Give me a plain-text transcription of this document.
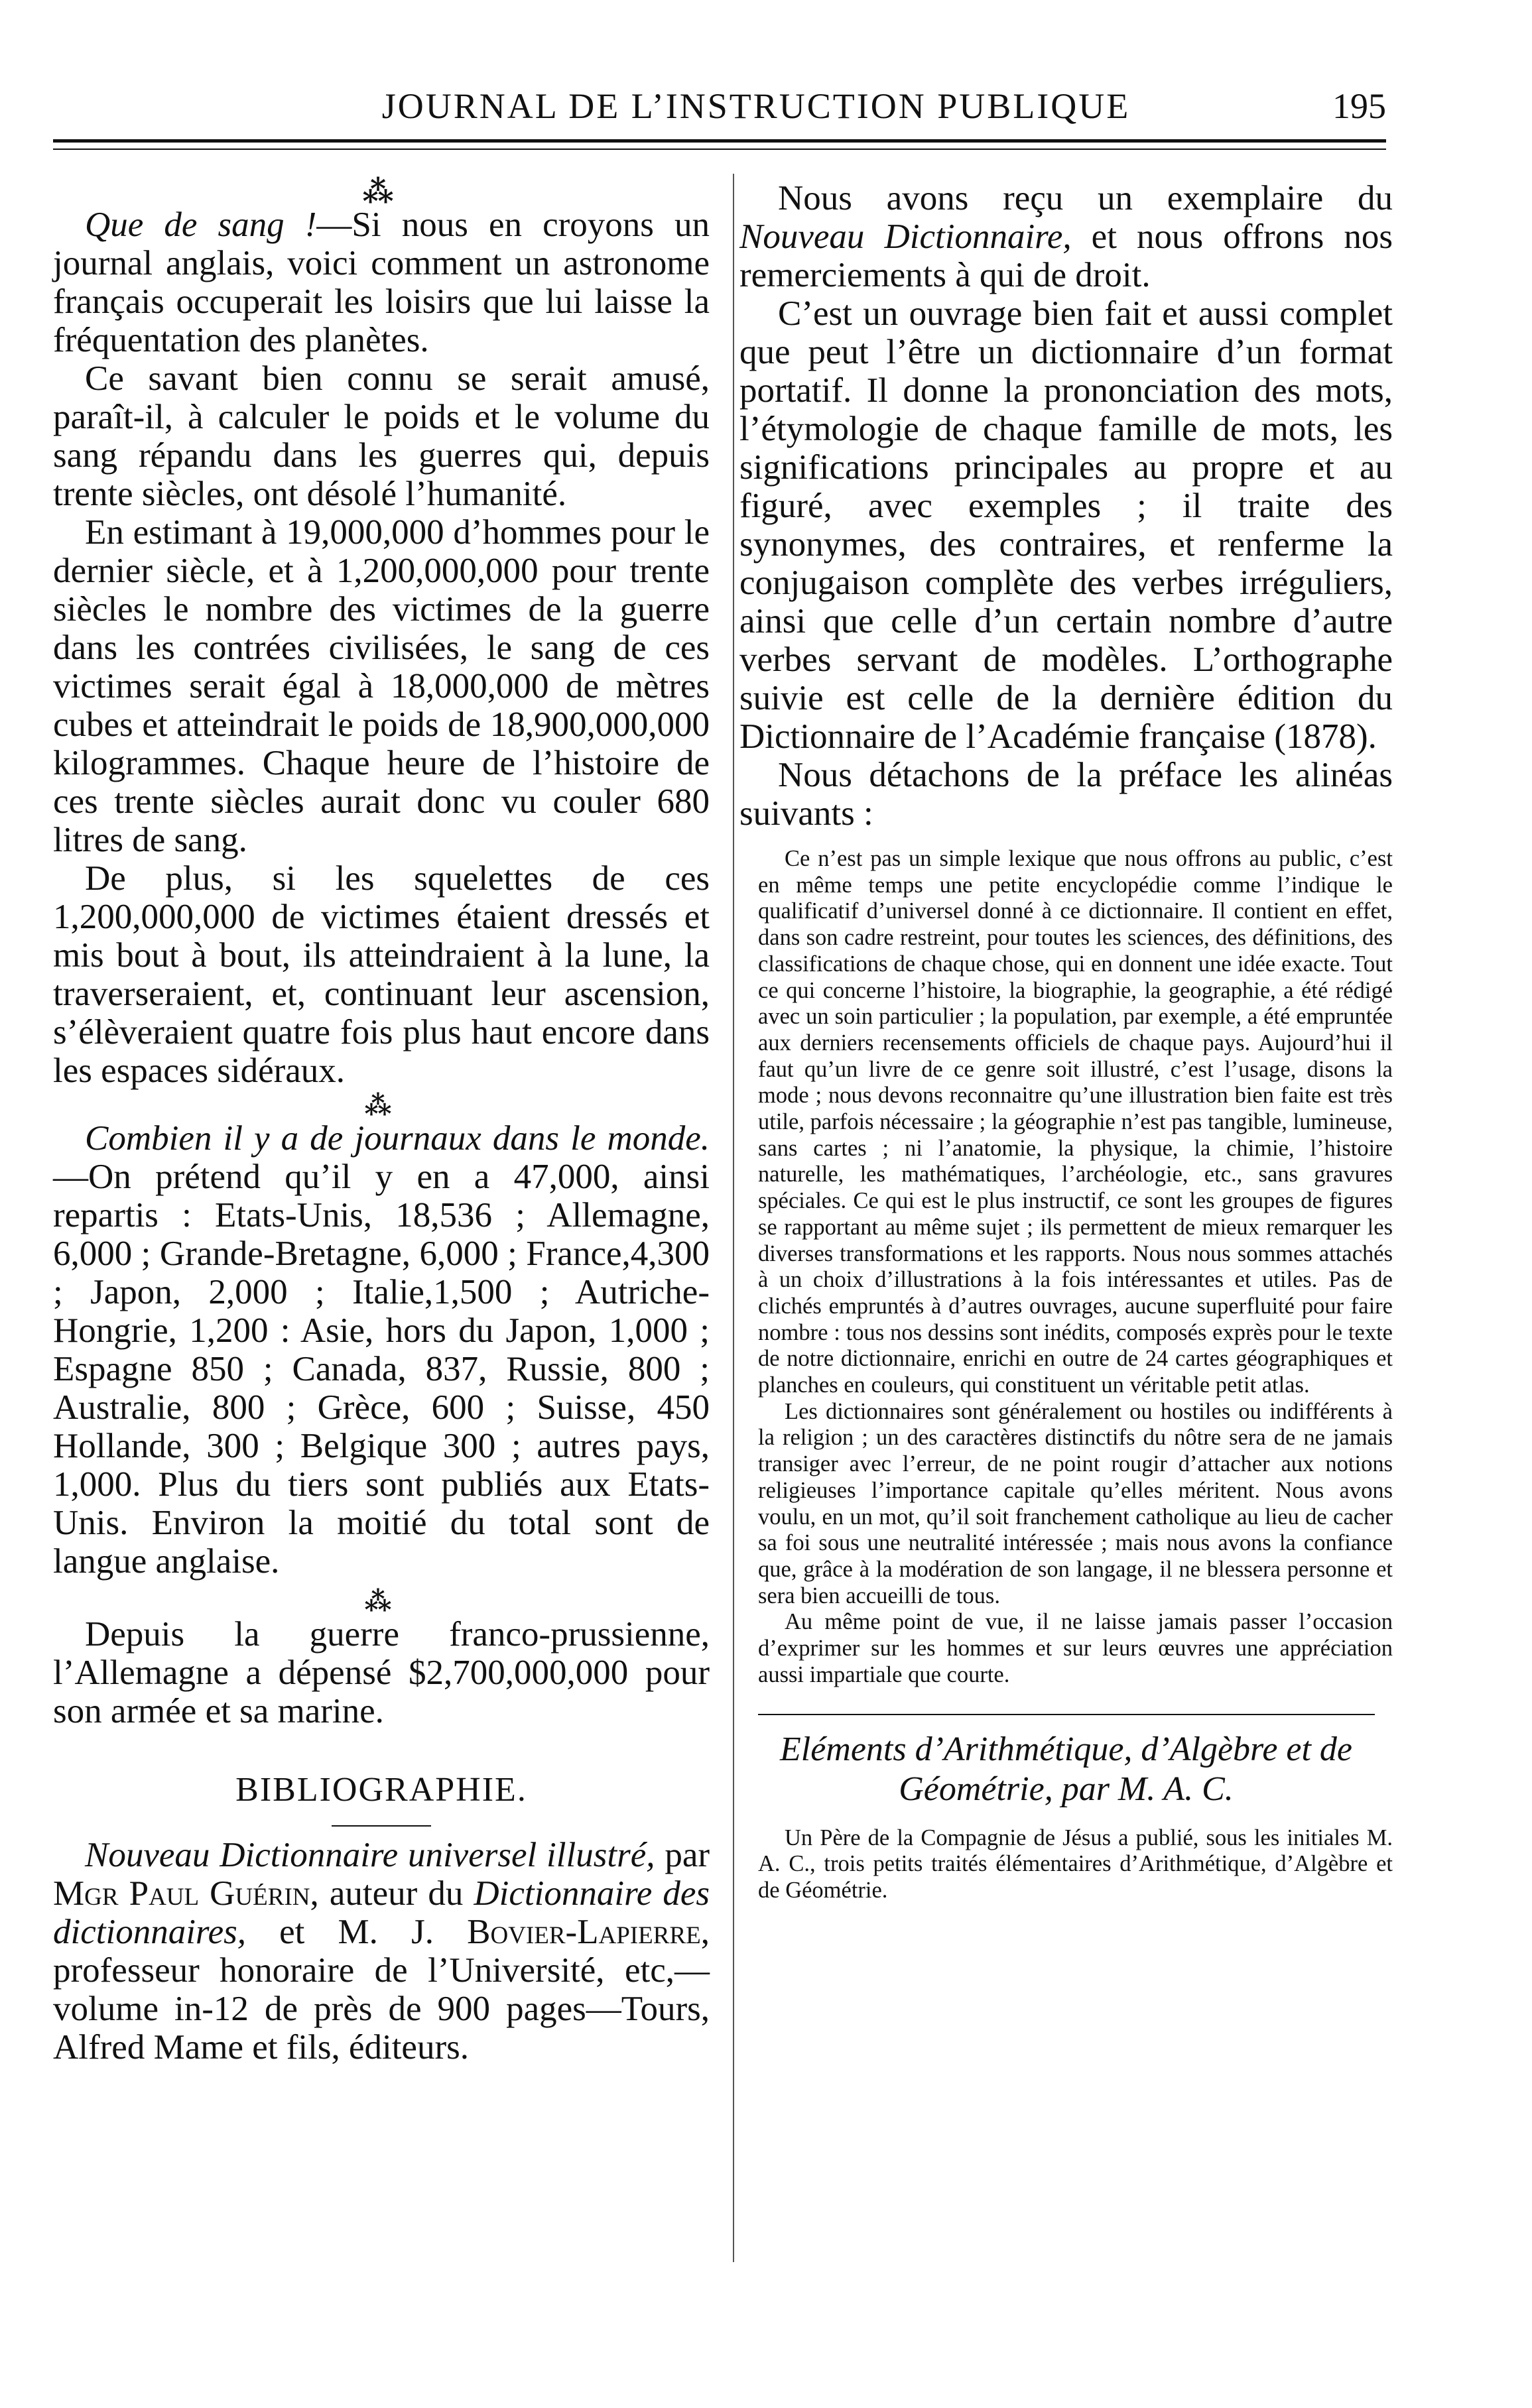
JOURNAL DE L’INSTRUCTION PUBLIQUE	195
⁂

Que de sang !—Si nous en croyons un journal anglais, voici comment un astronome français occuperait les loisirs que lui laisse la fréquentation des planètes.

Ce savant bien connu se serait amusé, paraît-il, à calculer le poids et le volume du sang répandu dans les guerres qui, depuis trente siècles, ont désolé l’humanité.

En estimant à 19,000,000 d’hommes pour le dernier siècle, et à 1,200,000,000 pour trente siècles le nombre des victimes de la guerre dans les contrées civilisées, le sang de ces victimes serait égal à 18,000,000 de mètres cubes et atteindrait le poids de 18,900,000,000 kilogrammes. Chaque heure de l’histoire de ces trente siècles aurait donc vu couler 680 litres de sang.

De plus, si les squelettes de ces 1,200,000,000 de victimes étaient dressés et mis bout à bout, ils atteindraient à la lune, la traverseraient, et, continuant leur ascension, s’élèveraient quatre fois plus haut encore dans les espaces sidéraux.

⁂

Combien il y a de journaux dans le monde.—On prétend qu’il y en a 47,000, ainsi repartis : Etats-Unis, 18,536 ; Allemagne, 6,000 ; Grande-Bretagne, 6,000 ; France,4,300 ; Japon, 2,000 ; Italie,1,500 ; Autriche-Hongrie, 1,200 : Asie, hors du Japon, 1,000 ; Espagne 850 ; Canada, 837, Russie, 800 ; Australie, 800 ; Grèce, 600 ; Suisse, 450 Hollande, 300 ; Belgique 300 ; autres pays, 1,000. Plus du tiers sont publiés aux Etats-Unis. Environ la moitié du total sont de langue anglaise.

⁂

Depuis la guerre franco-prussienne, l’Allemagne a dépensé $2,700,000,000 pour son armée et sa marine.

BIBLIOGRAPHIE.

Nouveau Dictionnaire universel illustré, par Mgr Paul Guérin, auteur du Dictionnaire des dictionnaires, et M. J. Bovier-Lapierre, professeur honoraire de l’Université, etc,—volume in-12 de près de 900 pages—Tours, Alfred Mame et fils, éditeurs.

Nous avons reçu un exemplaire du Nouveau Dictionnaire, et nous offrons nos remerciements à qui de droit.

C’est un ouvrage bien fait et aussi complet que peut l’être un dictionnaire d’un format portatif. Il donne la prononciation des mots, l’étymologie de chaque famille de mots, les significations principales au propre et au figuré, avec exemples ; il traite des synonymes, des contraires, et renferme la conjugaison complète des verbes irréguliers, ainsi que celle d’un certain nombre d’autre verbes servant de modèles. L’orthographe suivie est celle de la dernière édition du Dictionnaire de l’Académie française (1878).

Nous détachons de la préface les alinéas suivants :

Ce n’est pas un simple lexique que nous offrons au public, c’est en même temps une petite encyclopédie comme l’indique le qualificatif d’universel donné à ce dictionnaire. Il contient en effet, dans son cadre restreint, pour toutes les sciences, des définitions, des classifications de chaque chose, qui en donnent une idée exacte. Tout ce qui concerne l’histoire, la biographie, la geographie, a été rédigé avec un soin particulier ; la population, par exemple, a été empruntée aux derniers recensements officiels de chaque pays. Aujourd’hui il faut qu’un livre de ce genre soit illustré, c’est l’usage, disons la mode ; nous devons reconnaitre qu’une illustration bien faite est très utile, parfois nécessaire ; la géographie n’est pas tangible, lumineuse, sans cartes ; ni l’anatomie, la physique, la chimie, l’histoire naturelle, les mathématiques, l’archéologie, etc., sans gravures spéciales. Ce qui est le plus instructif, ce sont les groupes de figures se rapportant au même sujet ; ils permettent de mieux remarquer les diverses transformations et les rapports. Nous nous sommes attachés à un choix d’illustrations à la fois intéressantes et utiles. Pas de clichés empruntés à d’autres ouvrages, aucune superfluité pour faire nombre : tous nos dessins sont inédits, composés exprès pour le texte de notre dictionnaire, enrichi en outre de 24 cartes géographiques et planches en couleurs, qui constituent un véritable petit atlas.

Les dictionnaires sont généralement ou hostiles ou indifférents à la religion ; un des caractères distinctifs du nôtre sera de ne jamais transiger avec l’erreur, de ne point rougir d’attacher aux notions religieuses l’importance capitale qu’elles méritent. Nous avons voulu, en un mot, qu’il soit franchement catholique au lieu de cacher sa foi sous une neutralité intéressée ; mais nous avons la confiance que, grâce à la modération de son langage, il ne blessera personne et sera bien accueilli de tous.

Au même point de vue, il ne laisse jamais passer l’occasion d’exprimer sur les hommes et sur leurs œuvres une appréciation aussi impartiale que courte.

Eléments d’Arithmétique, d’Algèbre et de Géométrie, par M. A. C.

Un Père de la Compagnie de Jésus a publié, sous les initiales M. A. C., trois petits traités élémentaires d’Arithmétique, d’Algèbre et de Géométrie.
